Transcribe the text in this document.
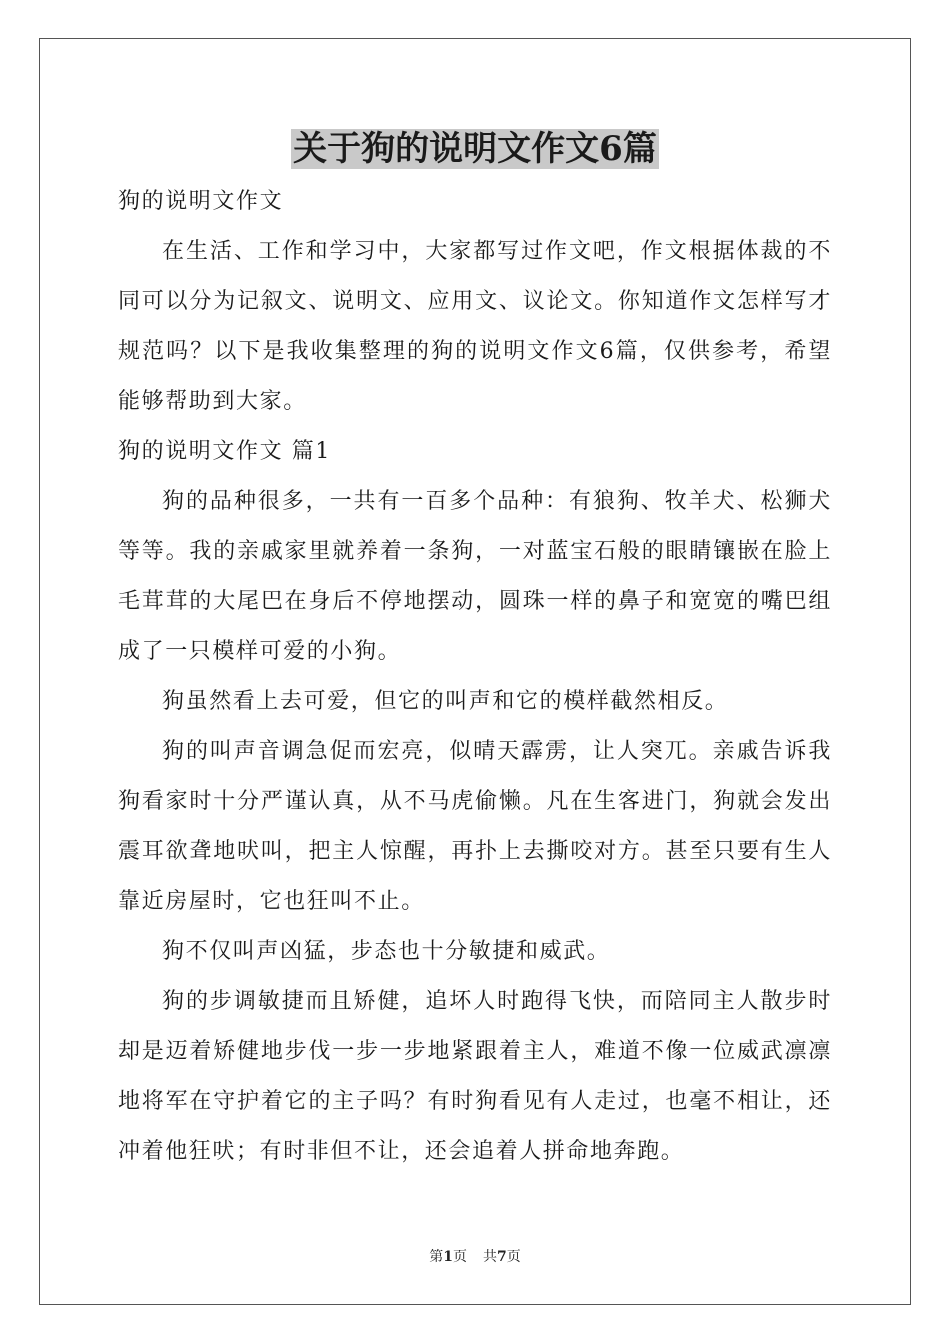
关于狗的说明文作文6篇

狗的说明文作文

在生活、工作和学习中，大家都写过作文吧，作文根据体裁的不同可以分为记叙文、说明文、应用文、议论文。你知道作文怎样写才规范吗？以下是我收集整理的狗的说明文作文6篇，仅供参考，希望能够帮助到大家。

狗的说明文作文 篇1

狗的品种很多，一共有一百多个品种：有狼狗、牧羊犬、松狮犬等等。我的亲戚家里就养着一条狗，一对蓝宝石般的眼睛镶嵌在脸上毛茸茸的大尾巴在身后不停地摆动，圆珠一样的鼻子和宽宽的嘴巴组成了一只模样可爱的小狗。

狗虽然看上去可爱，但它的叫声和它的模样截然相反。

狗的叫声音调急促而宏亮，似晴天霹雳，让人突兀。亲戚告诉我狗看家时十分严谨认真，从不马虎偷懒。凡在生客进门，狗就会发出震耳欲聋地吠叫，把主人惊醒，再扑上去撕咬对方。甚至只要有生人靠近房屋时，它也狂叫不止。

狗不仅叫声凶猛，步态也十分敏捷和威武。

狗的步调敏捷而且矫健，追坏人时跑得飞快，而陪同主人散步时却是迈着矫健地步伐一步一步地紧跟着主人，难道不像一位威武凛凛地将军在守护着它的主子吗？有时狗看见有人走过，也毫不相让，还冲着他狂吠；有时非但不让，还会追着人拼命地奔跑。

第1页 共7页
